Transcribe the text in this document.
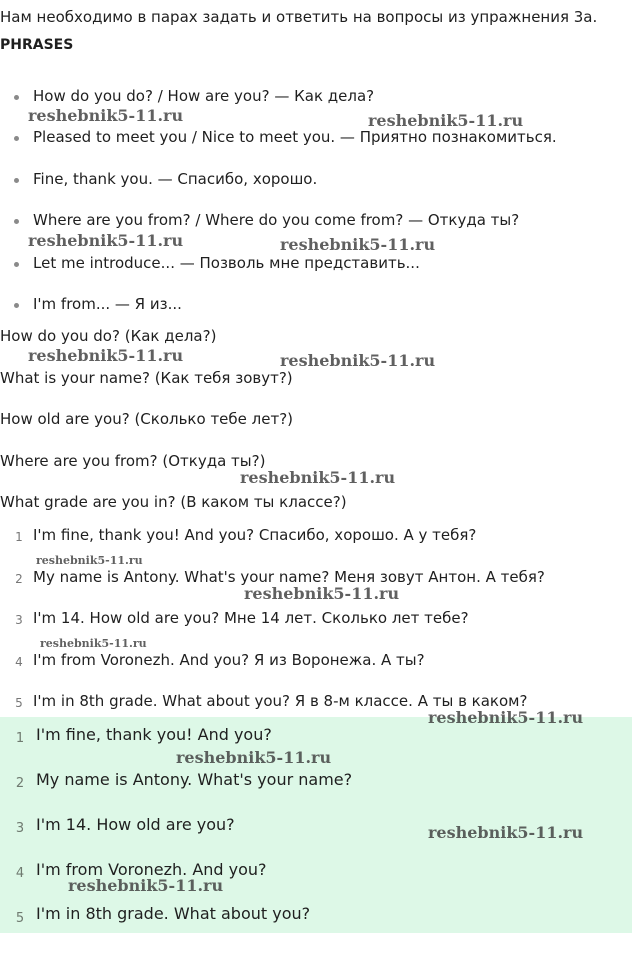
Нам необходимо в парах задать и ответить на вопросы из упражнения 3a.
PHRASES
How do you do? / How are you? — Как дела?
Pleased to meet you / Nice to meet you. — Приятно познакомиться.
Fine, thank you. — Спасибо, хорошо.
Where are you from? / Where do you come from? — Откуда ты?
Let me introduce... — Позволь мне представить...
I'm from... — Я из...
How do you do? (Как дела?)
What is your name? (Как тебя зовут?)
How old are you? (Сколько тебе лет?)
Where are you from? (Откуда ты?)
What grade are you in? (В каком ты классе?)
1 I'm fine, thank you! And you? Спасибо, хорошо. А у тебя?
2 My name is Antony. What's your name? Меня зовут Антон. А тебя?
3 I'm 14. How old are you? Мне 14 лет. Сколько лет тебе?
4 I'm from Voronezh. And you? Я из Воронежа. А ты?
5 I'm in 8th grade. What about you? Я в 8-м классе. А ты в каком?
1 I'm fine, thank you! And you?
2 My name is Antony. What's your name?
3 I'm 14. How old are you?
4 I'm from Voronezh. And you?
5 I'm in 8th grade. What about you?
reshebnik5-11.ru	reshebnik5-11.ru
reshebnik5-11.ru	reshebnik5-11.ru
reshebnik5-11.ru	reshebnik5-11.ru
reshebnik5-11.ru
reshebnik5-11.ru
reshebnik5-11.ru
reshebnik5-11.ru
reshebnik5-11.ru
reshebnik5-11.ru
reshebnik5-11.ru
reshebnik5-11.ru
